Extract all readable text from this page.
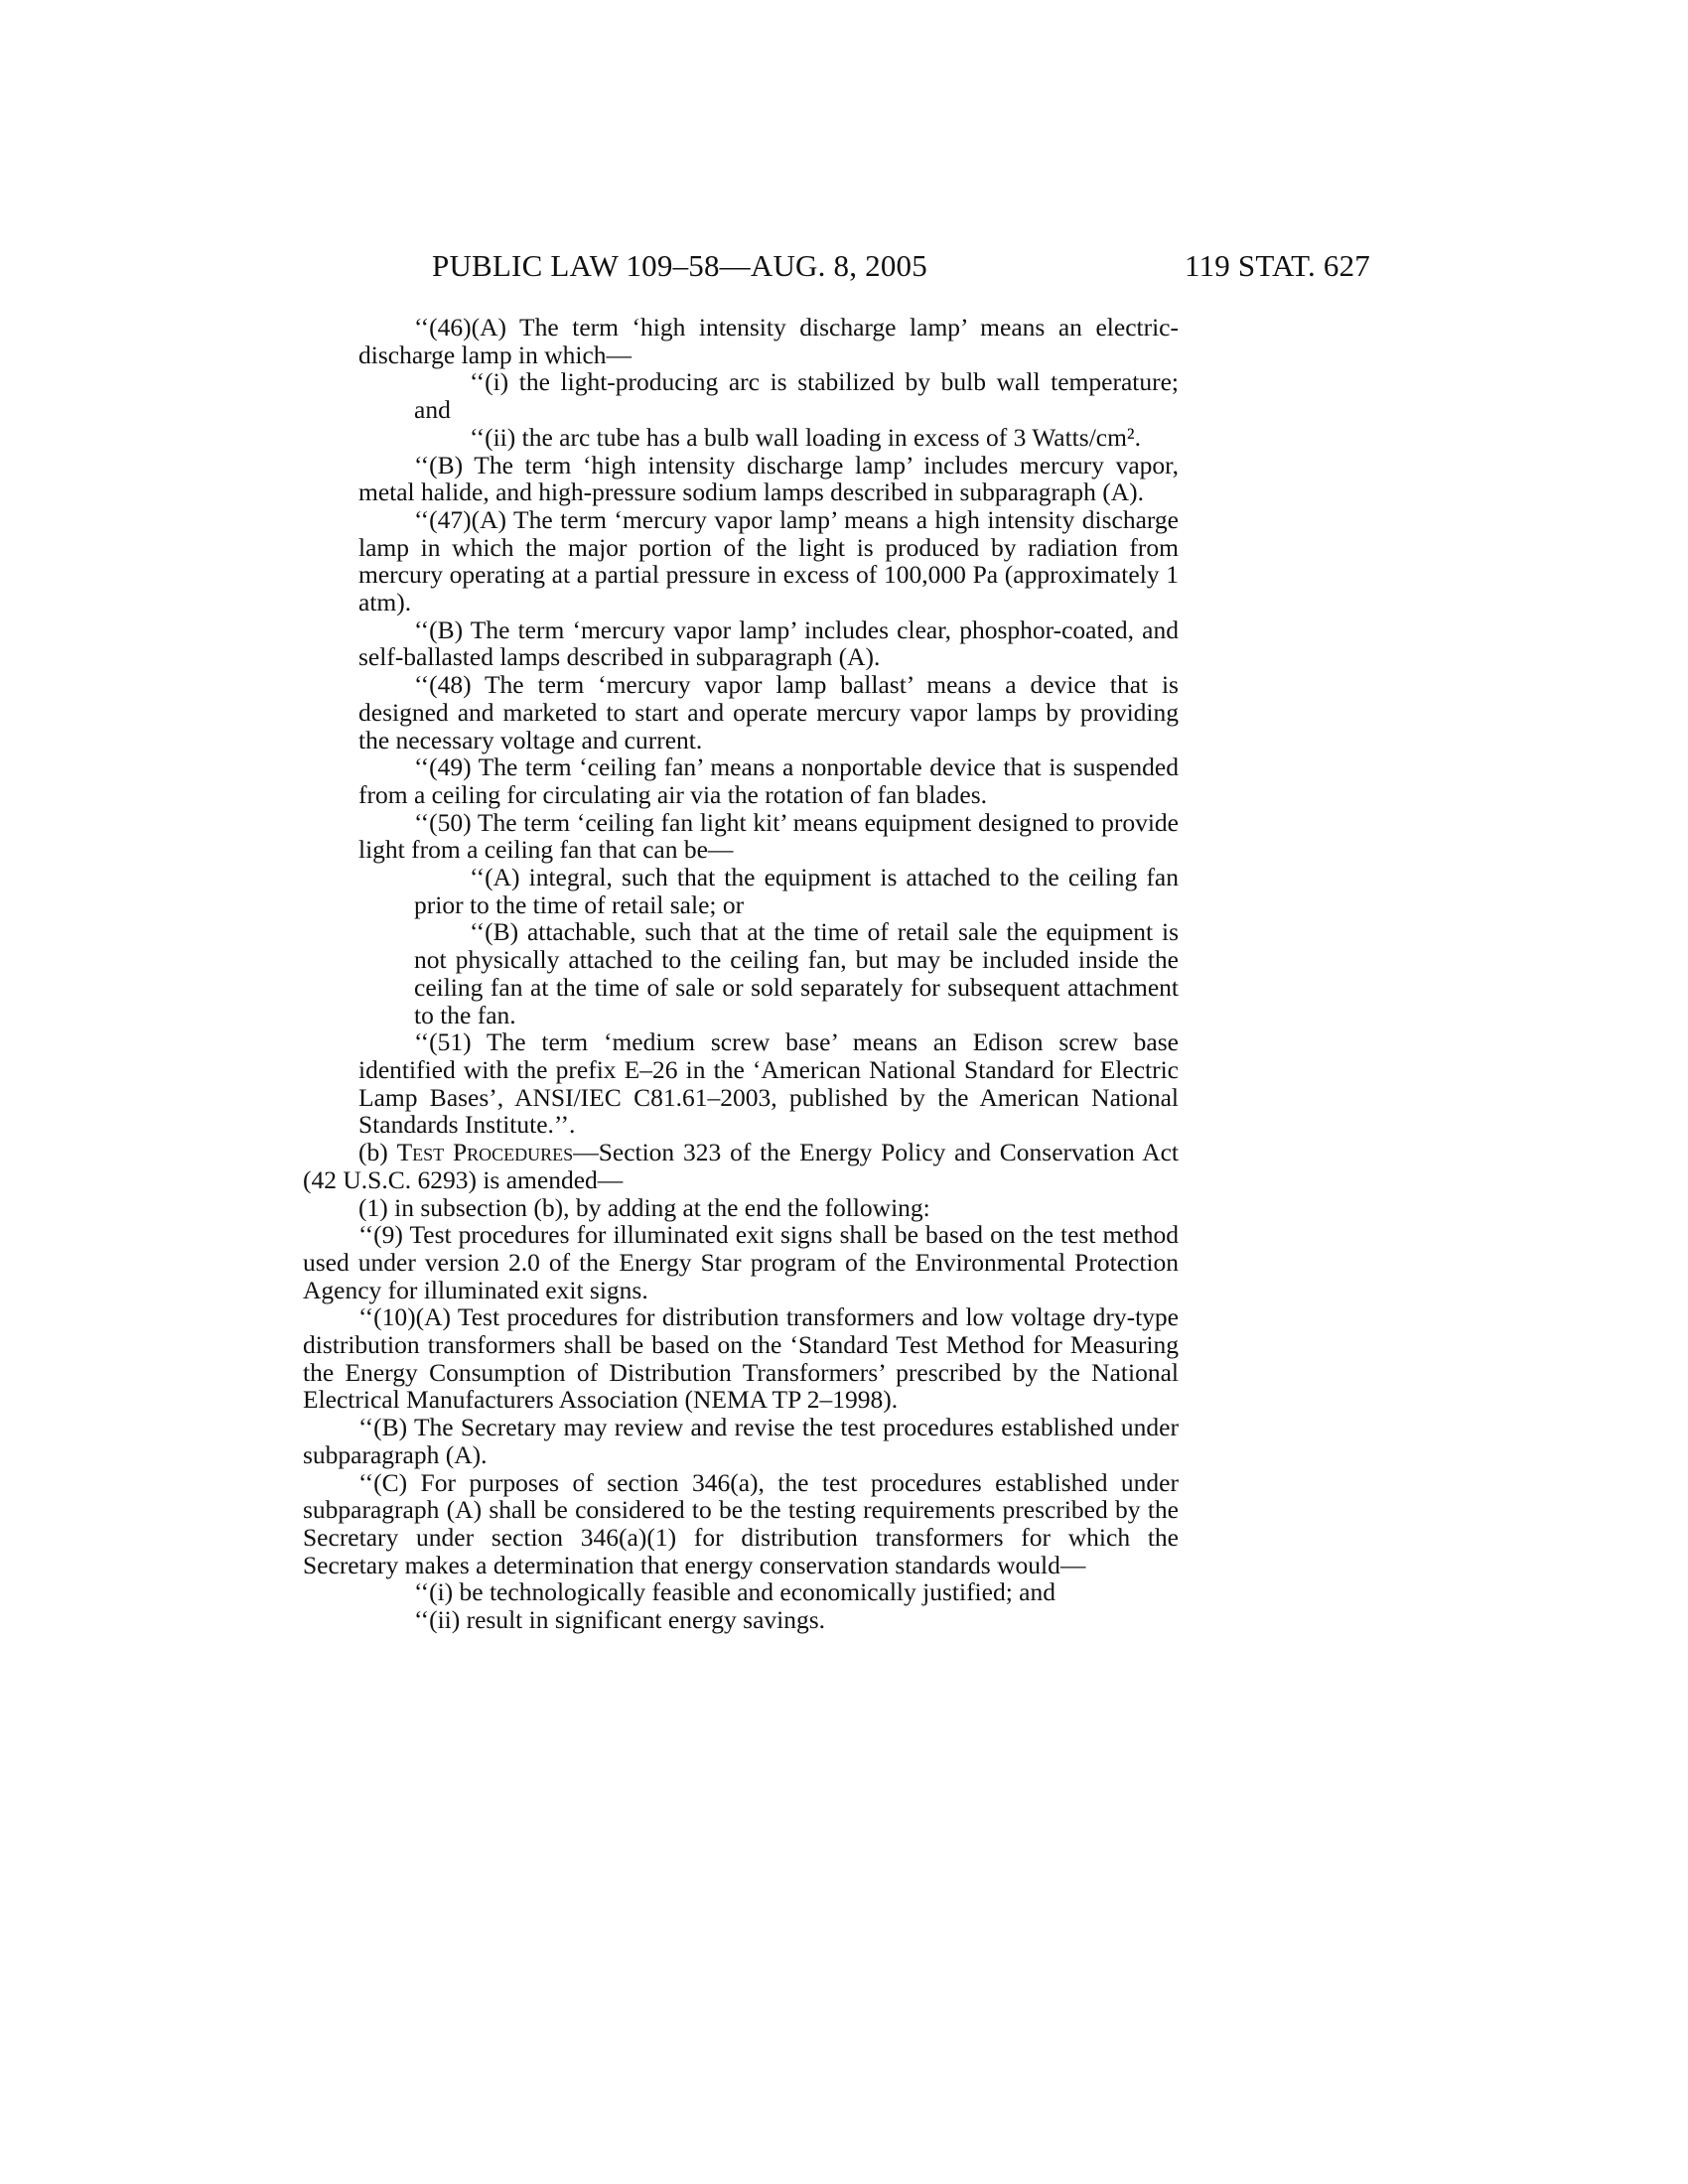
PUBLIC LAW 109–58—AUG. 8, 2005	119 STAT. 627

‘‘(46)(A) The term ‘high intensity discharge lamp’ means an electric-discharge lamp in which—

‘‘(i) the light-producing arc is stabilized by bulb wall temperature; and

‘‘(ii) the arc tube has a bulb wall loading in excess of 3 Watts/cm².

‘‘(B) The term ‘high intensity discharge lamp’ includes mercury vapor, metal halide, and high-pressure sodium lamps described in subparagraph (A).

‘‘(47)(A) The term ‘mercury vapor lamp’ means a high intensity discharge lamp in which the major portion of the light is produced by radiation from mercury operating at a partial pressure in excess of 100,000 Pa (approximately 1 atm).

‘‘(B) The term ‘mercury vapor lamp’ includes clear, phosphor-coated, and self-ballasted lamps described in subparagraph (A).

‘‘(48) The term ‘mercury vapor lamp ballast’ means a device that is designed and marketed to start and operate mercury vapor lamps by providing the necessary voltage and current.

‘‘(49) The term ‘ceiling fan’ means a nonportable device that is suspended from a ceiling for circulating air via the rotation of fan blades.

‘‘(50) The term ‘ceiling fan light kit’ means equipment designed to provide light from a ceiling fan that can be—

‘‘(A) integral, such that the equipment is attached to the ceiling fan prior to the time of retail sale; or

‘‘(B) attachable, such that at the time of retail sale the equipment is not physically attached to the ceiling fan, but may be included inside the ceiling fan at the time of sale or sold separately for subsequent attachment to the fan.

‘‘(51) The term ‘medium screw base’ means an Edison screw base identified with the prefix E–26 in the ‘American National Standard for Electric Lamp Bases’, ANSI/IEC C81.61–2003, published by the American National Standards Institute.’’.

(b) Test Procedures—Section 323 of the Energy Policy and Conservation Act (42 U.S.C. 6293) is amended—

(1) in subsection (b), by adding at the end the following:

‘‘(9) Test procedures for illuminated exit signs shall be based on the test method used under version 2.0 of the Energy Star program of the Environmental Protection Agency for illuminated exit signs.

‘‘(10)(A) Test procedures for distribution transformers and low voltage dry-type distribution transformers shall be based on the ‘Standard Test Method for Measuring the Energy Consumption of Distribution Transformers’ prescribed by the National Electrical Manufacturers Association (NEMA TP 2–1998).

‘‘(B) The Secretary may review and revise the test procedures established under subparagraph (A).

‘‘(C) For purposes of section 346(a), the test procedures established under subparagraph (A) shall be considered to be the testing requirements prescribed by the Secretary under section 346(a)(1) for distribution transformers for which the Secretary makes a determination that energy conservation standards would—

‘‘(i) be technologically feasible and economically justified; and

‘‘(ii) result in significant energy savings.
